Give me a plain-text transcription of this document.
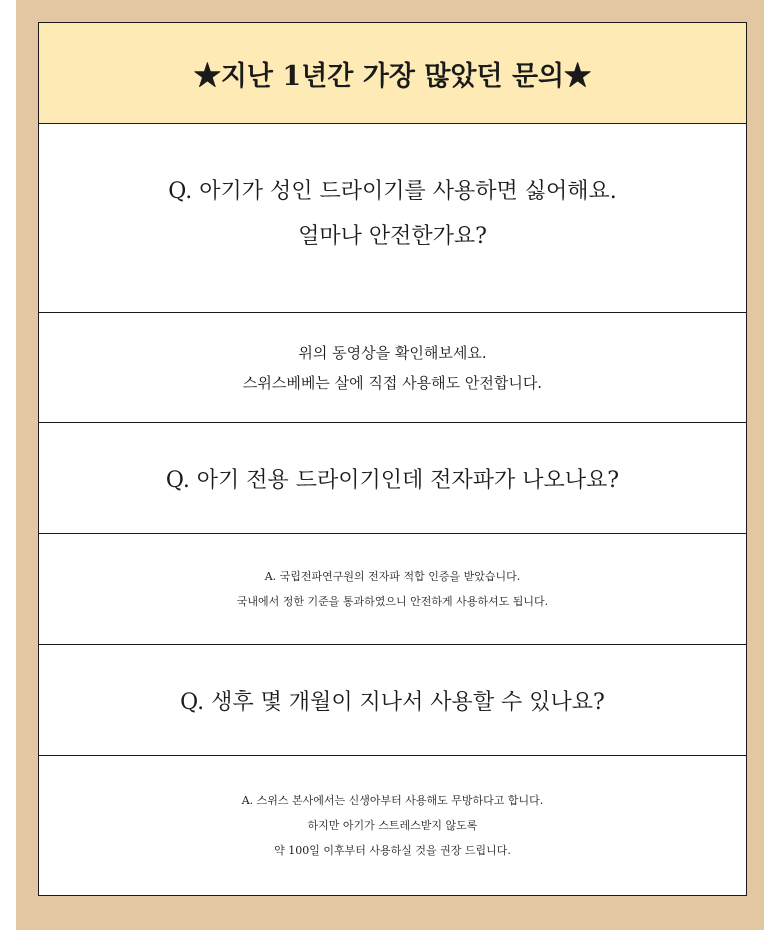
★지난 1년간 가장 많았던 문의★
Q. 아기가 성인 드라이기를 사용하면 싫어해요.
얼마나 안전한가요?
위의 동영상을 확인해보세요.
스위스베베는 살에 직접 사용해도 안전합니다.
Q. 아기 전용 드라이기인데 전자파가 나오나요?
A. 국립전파연구원의 전자파 적합 인증을 받았습니다.
국내에서 정한 기준을 통과하였으니 안전하게 사용하셔도 됩니다.
Q. 생후 몇 개월이 지나서 사용할 수 있나요?
A. 스위스 본사에서는 신생아부터 사용해도 무방하다고 합니다.
하지만 아기가 스트레스받지 않도록
약 100일 이후부터 사용하실 것을 권장 드립니다.
